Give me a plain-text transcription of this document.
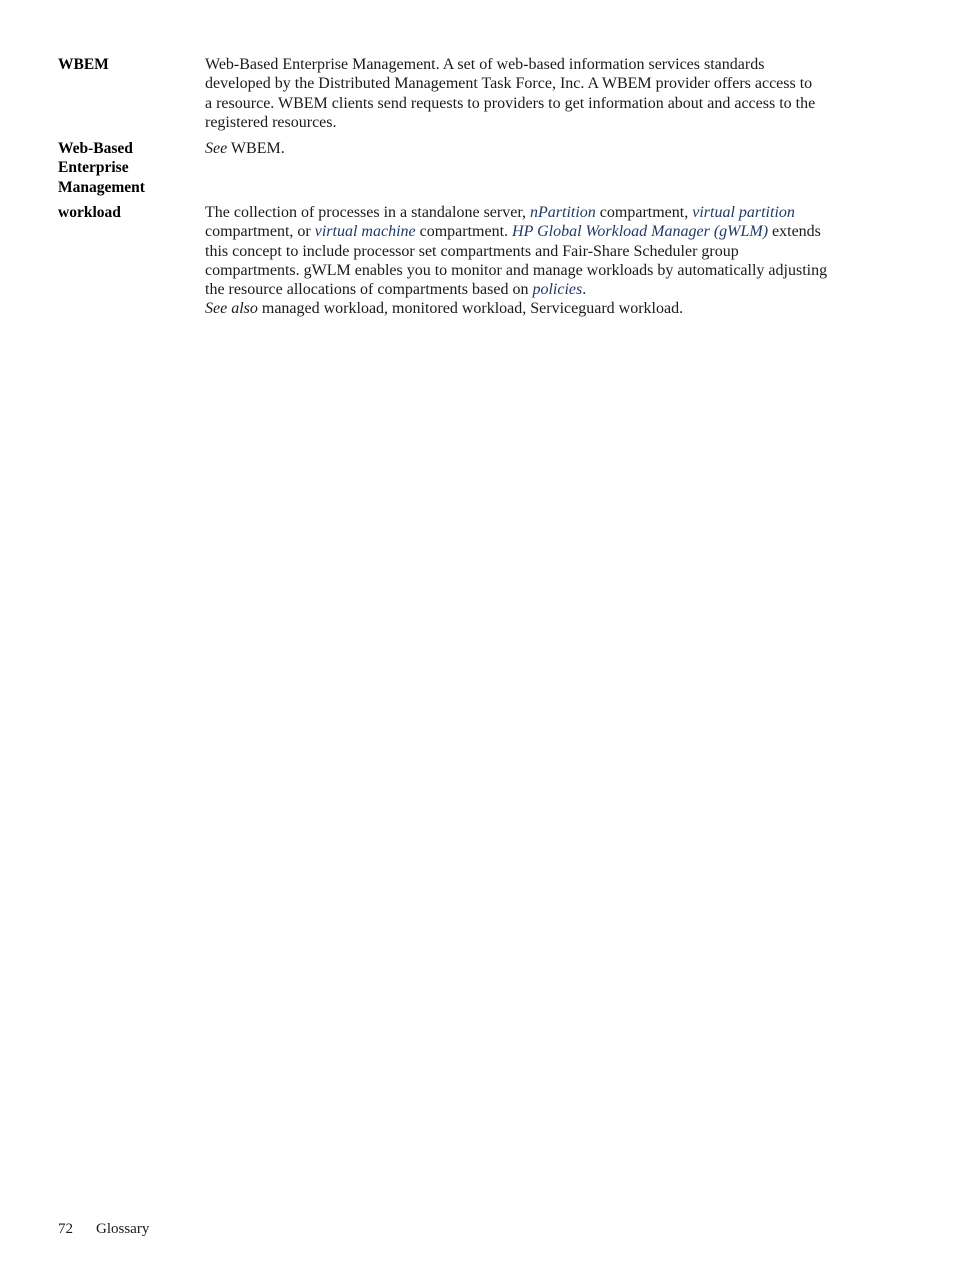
WBEM	Web-Based Enterprise Management. A set of web-based information services standards
developed by the Distributed Management Task Force, Inc. A WBEM provider offers access to
a resource. WBEM clients send requests to providers to get information about and access to the
registered resources.
Web-Based
Enterprise
Management
See WBEM.
workload	The collection of processes in a standalone server, nPartition compartment, virtual partition
compartment, or virtual machine compartment. HP Global Workload Manager (gWLM) extends
this concept to include processor set compartments and Fair-Share Scheduler group
compartments. gWLM enables you to monitor and manage workloads by automatically adjusting
the resource allocations of compartments based on policies.
See also managed workload, monitored workload, Serviceguard workload.
72 Glossary
